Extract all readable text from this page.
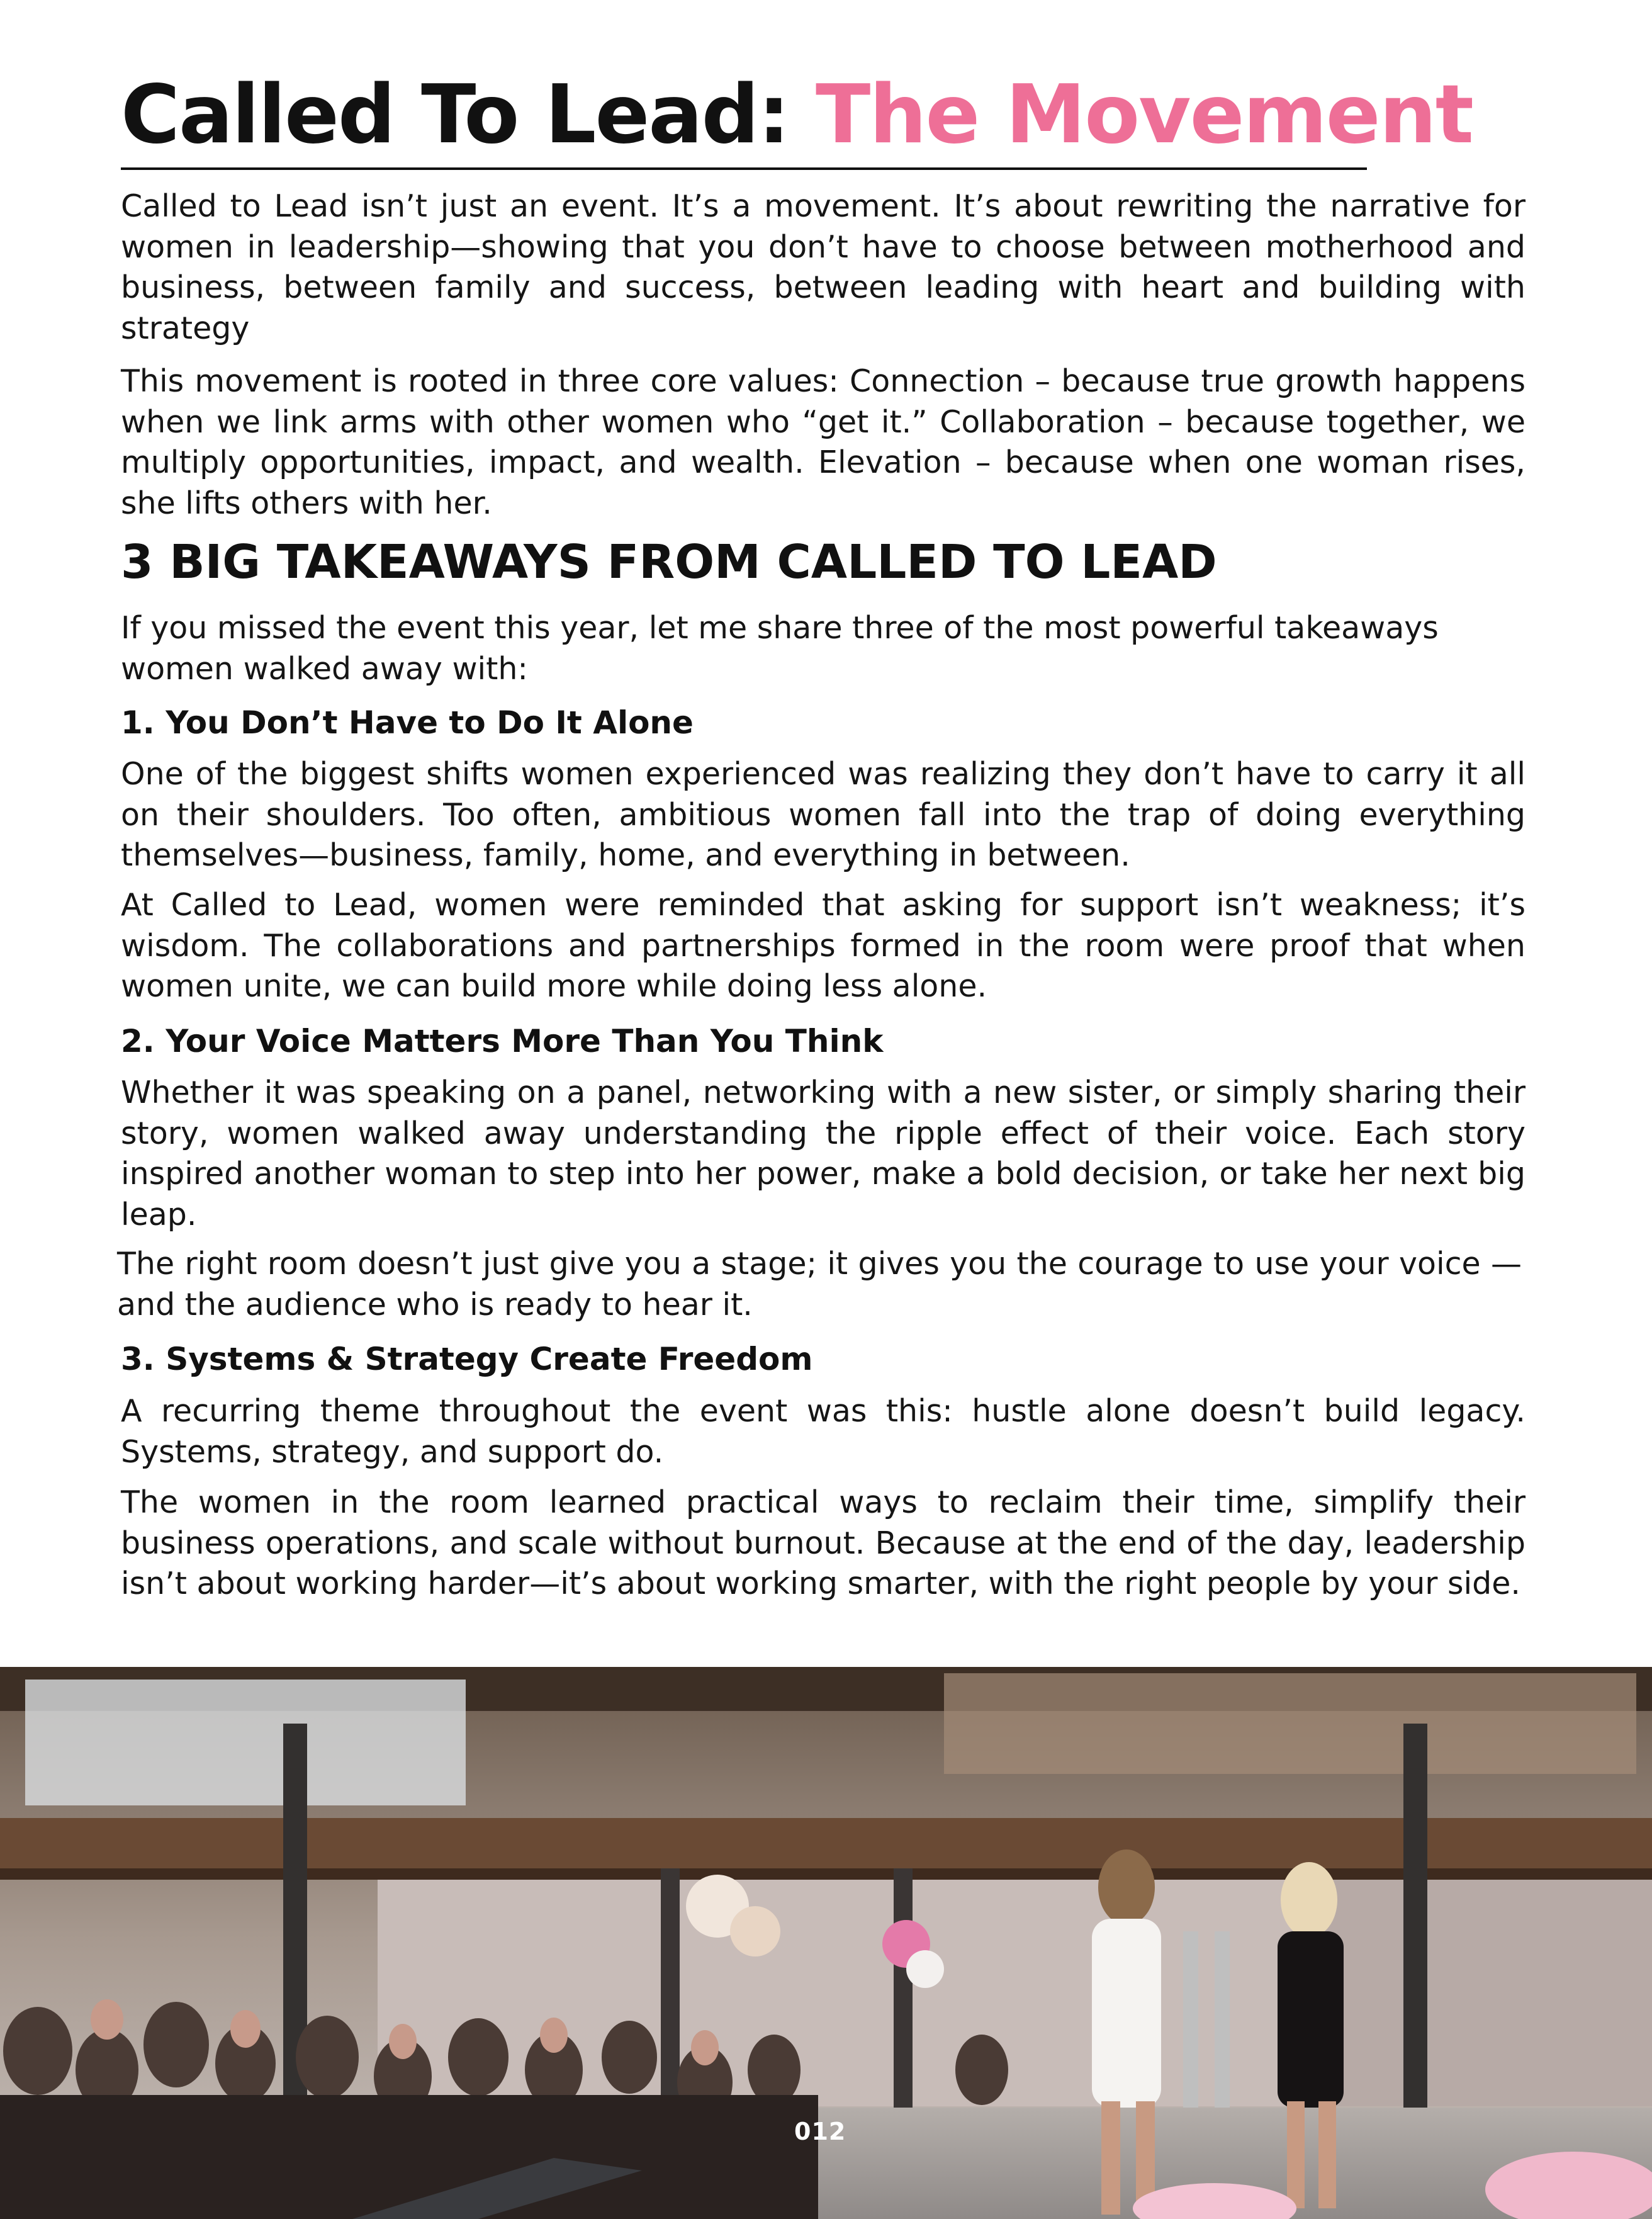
Called To Lead: The Movement

Called to Lead isn’t just an event. It’s a movement. It’s about rewriting the narrative for women in leadership—showing that you don’t have to choose between motherhood and business, between family and success, between leading with heart and building with strategy

This movement is rooted in three core values: Connection – because true growth happens when we link arms with other women who “get it.” Collaboration – because together, we multiply opportunities, impact, and wealth. Elevation – because when one woman rises, she lifts others with her.

3 BIG TAKEAWAYS FROM CALLED TO LEAD

If you missed the event this year, let me share three of the most powerful takeaways women walked away with:

1. You Don’t Have to Do It Alone

One of the biggest shifts women experienced was realizing they don’t have to carry it all on their shoulders. Too often, ambitious women fall into the trap of doing everything themselves—business, family, home, and everything in between.

At Called to Lead, women were reminded that asking for support isn’t weakness; it’s wisdom. The collaborations and partnerships formed in the room were proof that when women unite, we can build more while doing less alone.

2. Your Voice Matters More Than You Think

Whether it was speaking on a panel, networking with a new sister, or simply sharing their story, women walked away understanding the ripple effect of their voice. Each story inspired another woman to step into her power, make a bold decision, or take her next big leap.

The right room doesn’t just give you a stage; it gives you the courage to use your voice —and the audience who is ready to hear it.

3. Systems & Strategy Create Freedom

A recurring theme throughout the event was this: hustle alone doesn’t build legacy. Systems, strategy, and support do.

The women in the room learned practical ways to reclaim their time, simplify their business operations, and scale without burnout. Because at the end of the day, leadership isn’t about working harder—it’s about working smarter, with the right people by your side.

012
